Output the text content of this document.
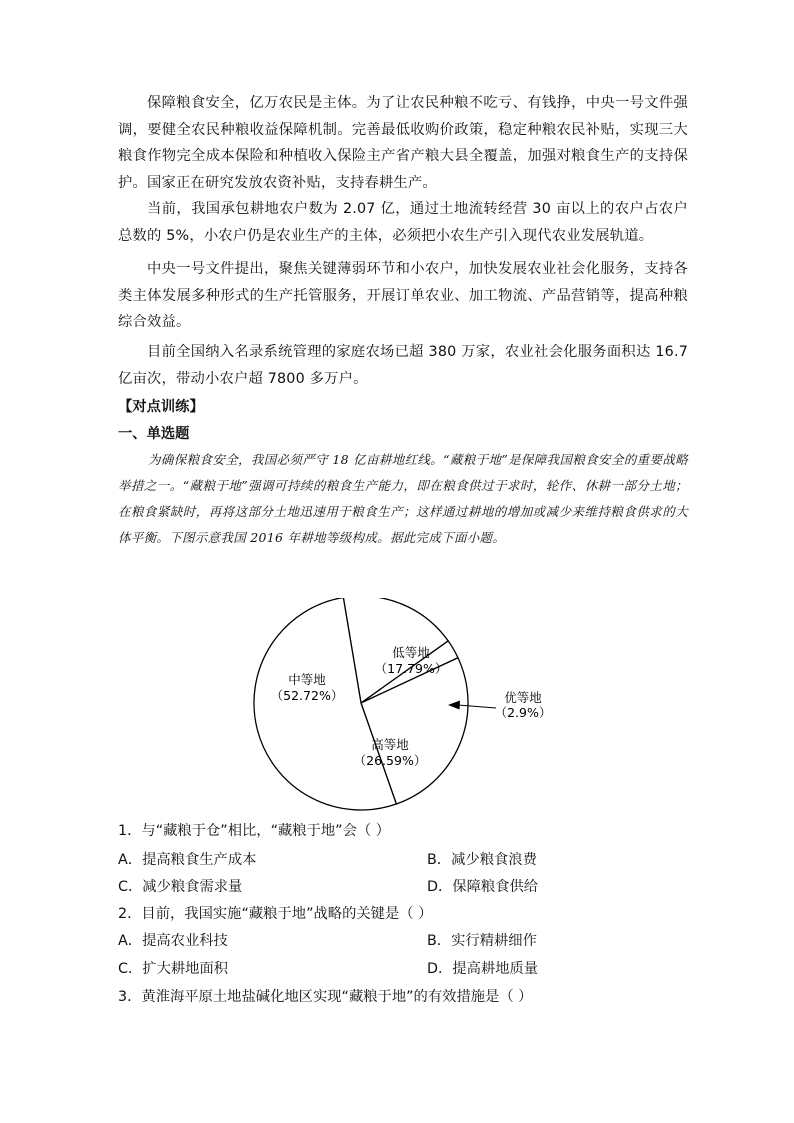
保障粮食安全，亿万农民是主体。为了让农民种粮不吃亏、有钱挣，中央一号文件强调，要健全农民种粮收益保障机制。完善最低收购价政策，稳定种粮农民补贴，实现三大粮食作物完全成本保险和种植收入保险主产省产粮大县全覆盖，加强对粮食生产的支持保护。国家正在研究发放农资补贴，支持春耕生产。

当前，我国承包耕地农户数为 2.07 亿，通过土地流转经营 30 亩以上的农户占农户总数的 5%，小农户仍是农业生产的主体，必须把小农生产引入现代农业发展轨道。

中央一号文件提出，聚焦关键薄弱环节和小农户，加快发展农业社会化服务，支持各类主体发展多种形式的生产托管服务，开展订单农业、加工物流、产品营销等，提高种粮综合效益。

目前全国纳入名录系统管理的家庭农场已超 380 万家，农业社会化服务面积达 16.7 亿亩次，带动小农户超 7800 多万户。

【对点训练】

一、单选题

为确保粮食安全，我国必须严守 18 亿亩耕地红线。“藏粮于地”是保障我国粮食安全的重要战略举措之一。“藏粮于地”强调可持续的粮食生产能力，即在粮食供过于求时，轮作、休耕一部分土地；在粮食紧缺时，再将这部分土地迅速用于粮食生产；这样通过耕地的增加或减少来维持粮食供求的大体平衡。下图示意我国 2016 年耕地等级构成。据此完成下面小题。

低等地
（17.79%）
中等地
（52.72%）
高等地
（26.59%）
优等地
（2.9%）

1．与“藏粮于仓”相比，“藏粮于地”会（ ）

A．提高粮食生产成本	B．减少粮食浪费

C．减少粮食需求量	D．保障粮食供给

2．目前，我国实施“藏粮于地”战略的关键是（ ）

A．提高农业科技	B．实行精耕细作

C．扩大耕地面积	D．提高耕地质量

3．黄淮海平原土地盐碱化地区实现“藏粮于地”的有效措施是（ ）
